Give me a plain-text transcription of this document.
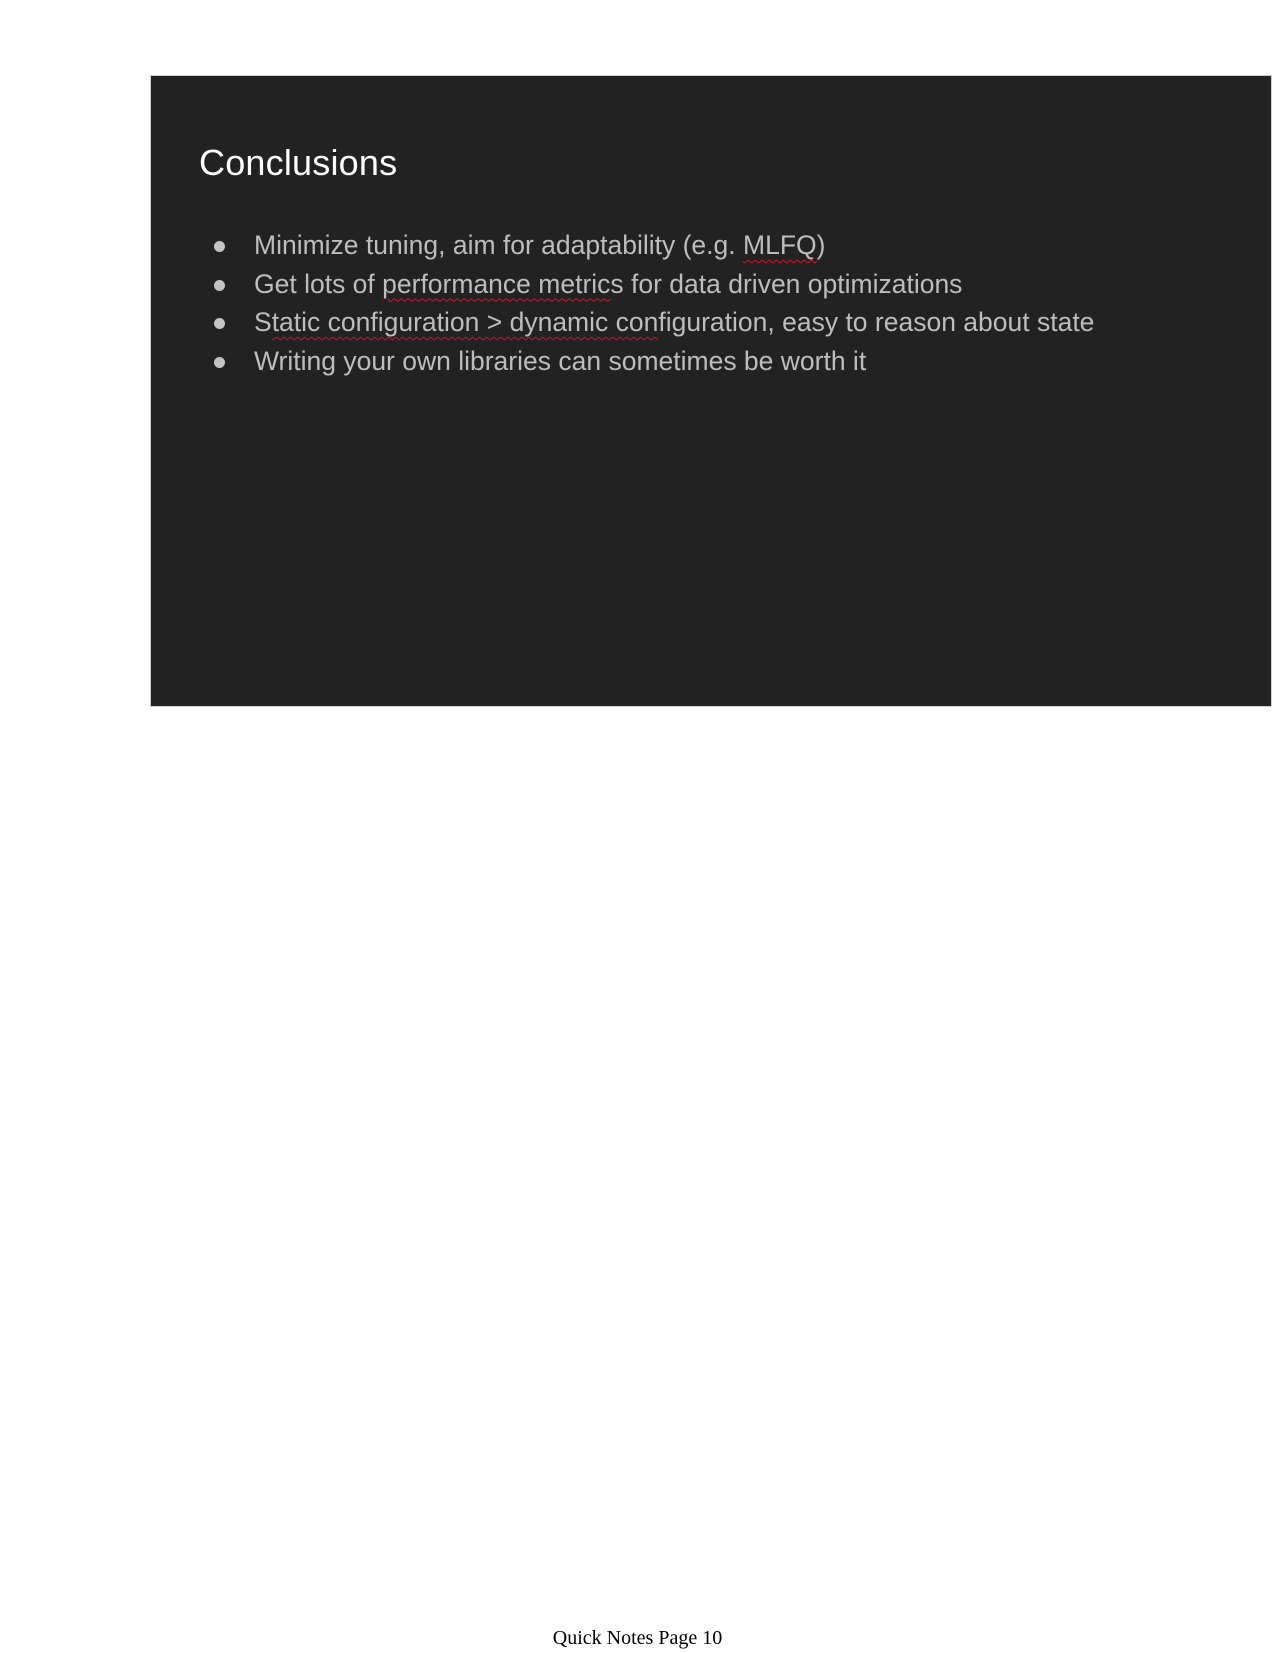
Conclusions
Minimize tuning, aim for adaptability (e.g. MLFQ)
Get lots of performance metrics for data driven optimizations
Static configuration > dynamic configuration, easy to reason about state
Writing your own libraries can sometimes be worth it
Quick Notes Page 10
